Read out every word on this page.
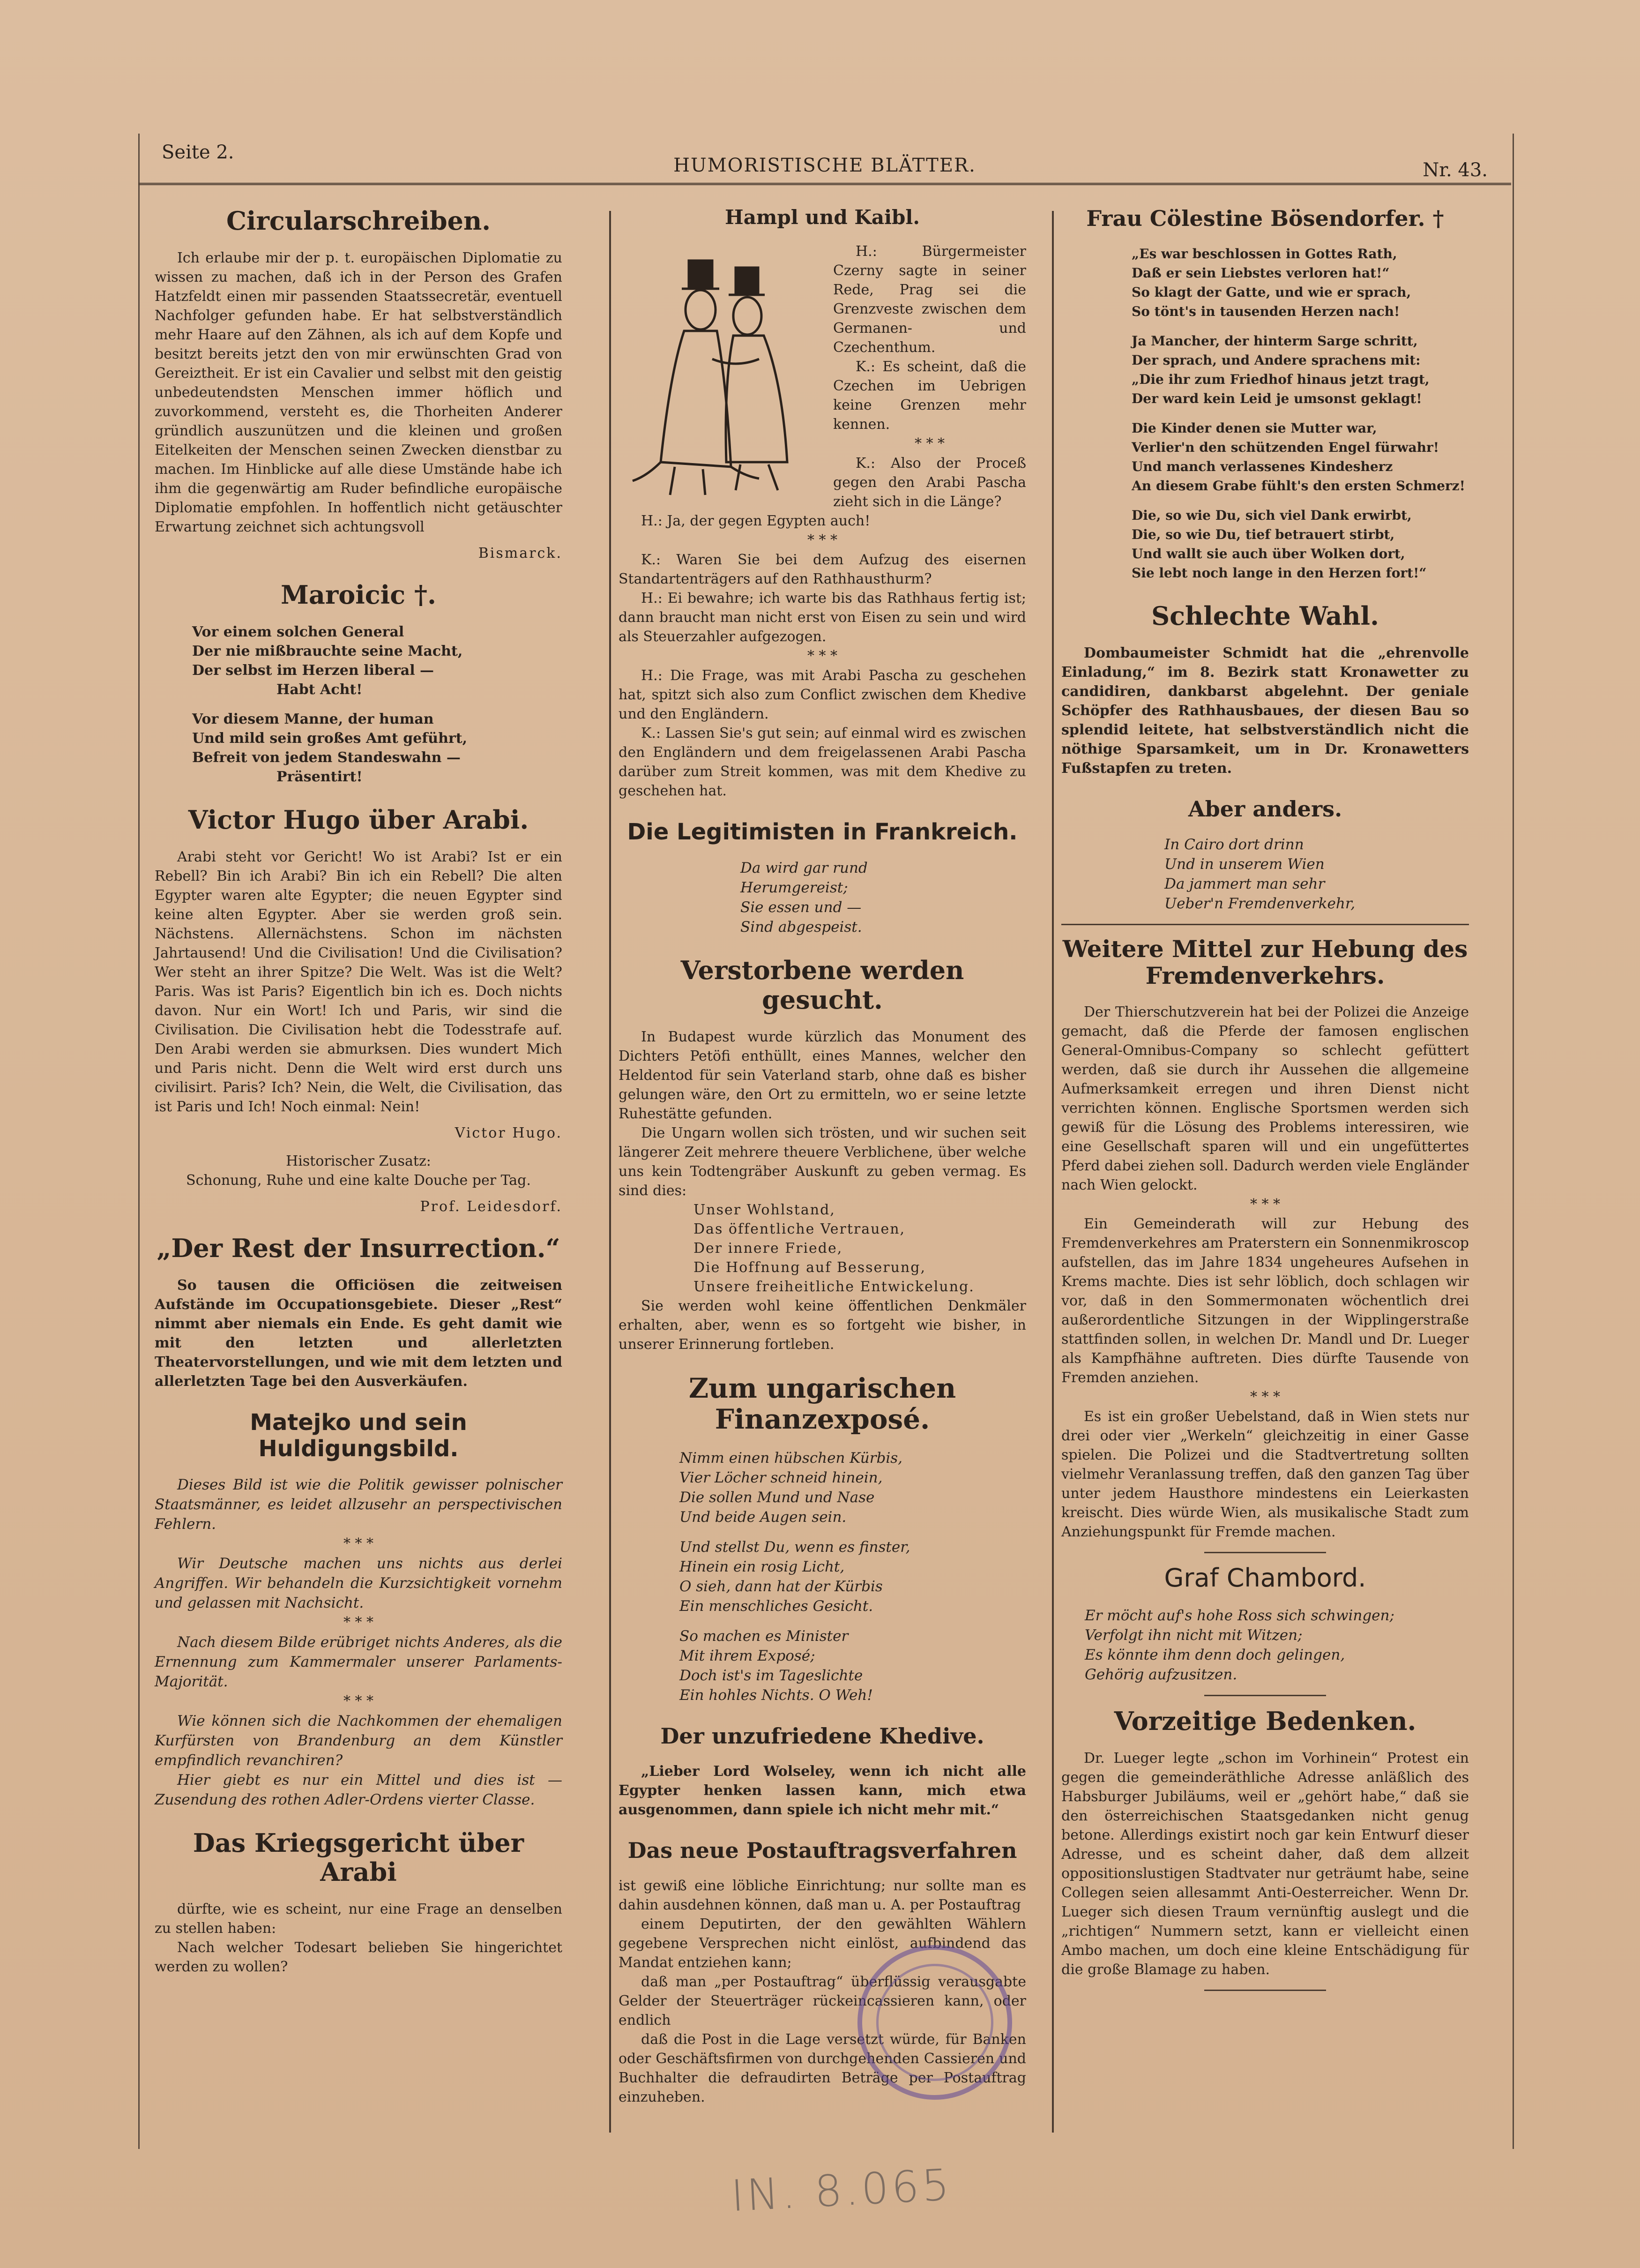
Seite 2.
HUMORISTISCHE BLÄTTER.	Nr. 43.
Circularschreiben.

Ich erlaube mir der p. t. europäischen Diplomatie zu wissen zu machen, daß ich in der Person des Grafen Hatzfeldt einen mir passenden Staatssecretär, eventuell Nachfolger gefunden habe. Er hat selbstverständlich mehr Haare auf den Zähnen, als ich auf dem Kopfe und besitzt bereits jetzt den von mir erwünschten Grad von Gereiztheit. Er ist ein Cavalier und selbst mit den geistig unbedeutendsten Menschen immer höflich und zuvorkommend, versteht es, die Thorheiten Anderer gründlich auszunützen und die kleinen und großen Eitelkeiten der Menschen seinen Zwecken dienstbar zu machen. Im Hinblicke auf alle diese Umstände habe ich ihm die gegenwärtig am Ruder befindliche europäische Diplomatie empfohlen. In hoffentlich nicht getäuschter Erwartung zeichnet sich achtungsvoll

Bismarck.
Maroicic †.
Vor einem solchen General
Der nie mißbrauchte seine Macht,
Der selbst im Herzen liberal —
Habt Acht!
Vor diesem Manne, der human
Und mild sein großes Amt geführt,
Befreit von jedem Standeswahn —
Präsentirt!
Victor Hugo über Arabi.

Arabi steht vor Gericht! Wo ist Arabi? Ist er ein Rebell? Bin ich Arabi? Bin ich ein Rebell? Die alten Egypter waren alte Egypter; die neuen Egypter sind keine alten Egypter. Aber sie werden groß sein. Nächstens. Allernächstens. Schon im nächsten Jahrtausend! Und die Civilisation! Und die Civilisation? Wer steht an ihrer Spitze? Die Welt. Was ist die Welt? Paris. Was ist Paris? Eigentlich bin ich es. Doch nichts davon. Nur ein Wort! Ich und Paris, wir sind die Civilisation. Die Civilisation hebt die Todesstrafe auf. Den Arabi werden sie abmurksen. Dies wundert Mich und Paris nicht. Denn die Welt wird erst durch uns civilisirt. Paris? Ich? Nein, die Welt, die Civilisation, das ist Paris und Ich! Noch einmal: Nein!

Victor Hugo.
Historischer Zusatz:
Schonung, Ruhe und eine kalte Douche per Tag.
Prof. Leidesdorf.
„Der Rest der Insurrection.“

So tausen die Officiösen die zeitweisen Aufstände im Occupationsgebiete. Dieser „Rest“ nimmt aber niemals ein Ende. Es geht damit wie mit den letzten und allerletzten Theatervorstellungen, und wie mit dem letzten und allerletzten Tage bei den Ausverkäufen.

Matejko und sein Huldigungsbild.

Dieses Bild ist wie die Politik gewisser polnischer Staatsmänner, es leidet allzusehr an perspectivischen Fehlern.

* * *

Wir Deutsche machen uns nichts aus derlei Angriffen. Wir behandeln die Kurzsichtigkeit vornehm und gelassen mit Nachsicht.

* * *

Nach diesem Bilde erübriget nichts Anderes, als die Ernennung zum Kammermaler unserer Parlaments-Majorität.

* * *

Wie können sich die Nachkommen der ehemaligen Kurfürsten von Brandenburg an dem Künstler empfindlich revanchiren?

Hier giebt es nur ein Mittel und dies ist — Zusendung des rothen Adler-Ordens vierter Classe.

Das Kriegsgericht über Arabi

dürfte, wie es scheint, nur eine Frage an denselben zu stellen haben:

Nach welcher Todesart belieben Sie hingerichtet werden zu wollen?

Hampl und Kaibl.

H.: Bürgermeister Czerny sagte in seiner Rede, Prag sei die Grenzveste zwischen dem Germanen- und Czechenthum.

K.: Es scheint, daß die Czechen im Uebrigen keine Grenzen mehr kennen.

* * *

K.: Also der Proceß gegen den Arabi Pascha zieht sich in die Länge?

H.: Ja, der gegen Egypten auch!

* * *

K.: Waren Sie bei dem Aufzug des eisernen Standartenträgers auf den Rathhausthurm?

H.: Ei bewahre; ich warte bis das Rathhaus fertig ist; dann braucht man nicht erst von Eisen zu sein und wird als Steuerzahler aufgezogen.

* * *

H.: Die Frage, was mit Arabi Pascha zu geschehen hat, spitzt sich also zum Conflict zwischen dem Khedive und den Engländern.

K.: Lassen Sie's gut sein; auf einmal wird es zwischen den Engländern und dem freigelassenen Arabi Pascha darüber zum Streit kommen, was mit dem Khedive zu geschehen hat.

Die Legitimisten in Frankreich.
Da wird gar rund
Herumgereist;
Sie essen und —
Sind abgespeist.
Verstorbene werden gesucht.

In Budapest wurde kürzlich das Monument des Dichters Petöfi enthüllt, eines Mannes, welcher den Heldentod für sein Vaterland starb, ohne daß es bisher gelungen wäre, den Ort zu ermitteln, wo er seine letzte Ruhestätte gefunden.

Die Ungarn wollen sich trösten, und wir suchen seit längerer Zeit mehrere theuere Verblichene, über welche uns kein Todtengräber Auskunft zu geben vermag. Es sind dies:

Unser Wohlstand,
Das öffentliche Vertrauen,
Der innere Friede,
Die Hoffnung auf Besserung,
Unsere freiheitliche Entwickelung.

Sie werden wohl keine öffentlichen Denkmäler erhalten, aber, wenn es so fortgeht wie bisher, in unserer Erinnerung fortleben.

Zum ungarischen Finanzexposé.
Nimm einen hübschen Kürbis,
Vier Löcher schneid hinein,
Die sollen Mund und Nase
Und beide Augen sein.
Und stellst Du, wenn es finster,
Hinein ein rosig Licht,
O sieh, dann hat der Kürbis
Ein menschliches Gesicht.
So machen es Minister
Mit ihrem Exposé;
Doch ist's im Tageslichte
Ein hohles Nichts. O Weh!
Der unzufriedene Khedive.

„Lieber Lord Wolseley, wenn ich nicht alle Egypter henken lassen kann, mich etwa ausgenommen, dann spiele ich nicht mehr mit.“

Das neue Postauftragsverfahren

ist gewiß eine löbliche Einrichtung; nur sollte man es dahin ausdehnen können, daß man u. A. per Postauftrag

einem Deputirten, der den gewählten Wählern gegebene Versprechen nicht einlöst, aufbindend das Mandat entziehen kann;

daß man „per Postauftrag“ überflüssig verausgabte Gelder der Steuerträger rückeincassieren kann, oder endlich

daß die Post in die Lage versetzt würde, für Banken oder Geschäftsfirmen von durchgehenden Cassieren und Buchhalter die defraudirten Beträge per Postauftrag einzuheben.

Frau Cölestine Bösendorfer. †
„Es war beschlossen in Gottes Rath,
Daß er sein Liebstes verloren hat!“
So klagt der Gatte, und wie er sprach,
So tönt's in tausenden Herzen nach!
Ja Mancher, der hinterm Sarge schritt,
Der sprach, und Andere sprachens mit:
„Die ihr zum Friedhof hinaus jetzt tragt,
Der ward kein Leid je umsonst geklagt!
Die Kinder denen sie Mutter war,
Verlier'n den schützenden Engel fürwahr!
Und manch verlassenes Kindesherz
An diesem Grabe fühlt's den ersten Schmerz!
Die, so wie Du, sich viel Dank erwirbt,
Die, so wie Du, tief betrauert stirbt,
Und wallt sie auch über Wolken dort,
Sie lebt noch lange in den Herzen fort!“
Schlechte Wahl.

Dombaumeister Schmidt hat die „ehrenvolle Einladung,“ im 8. Bezirk statt Kronawetter zu candidiren, dankbarst abgelehnt. Der geniale Schöpfer des Rathhausbaues, der diesen Bau so splendid leitete, hat selbstverständlich nicht die nöthige Sparsamkeit, um in Dr. Kronawetters Fußstapfen zu treten.

Aber anders.
In Cairo dort drinn
Und in unserem Wien
Da jammert man sehr
Ueber'n Fremdenverkehr,
Weitere Mittel zur Hebung des Fremdenverkehrs.

Der Thierschutzverein hat bei der Polizei die Anzeige gemacht, daß die Pferde der famosen englischen General-Omnibus-Company so schlecht gefüttert werden, daß sie durch ihr Aussehen die allgemeine Aufmerksamkeit erregen und ihren Dienst nicht verrichten können. Englische Sportsmen werden sich gewiß für die Lösung des Problems interessiren, wie eine Gesellschaft sparen will und ein ungefüttertes Pferd dabei ziehen soll. Dadurch werden viele Engländer nach Wien gelockt.

* * *

Ein Gemeinderath will zur Hebung des Fremdenverkehres am Praterstern ein Sonnenmikroscop aufstellen, das im Jahre 1834 ungeheures Aufsehen in Krems machte. Dies ist sehr löblich, doch schlagen wir vor, daß in den Sommermonaten wöchentlich drei außerordentliche Sitzungen in der Wipplingerstraße stattfinden sollen, in welchen Dr. Mandl und Dr. Lueger als Kampfhähne auftreten. Dies dürfte Tausende von Fremden anziehen.

* * *

Es ist ein großer Uebelstand, daß in Wien stets nur drei oder vier „Werkeln“ gleichzeitig in einer Gasse spielen. Die Polizei und die Stadtvertretung sollten vielmehr Veranlassung treffen, daß den ganzen Tag über unter jedem Hausthore mindestens ein Leierkasten kreischt. Dies würde Wien, als musikalische Stadt zum Anziehungspunkt für Fremde machen.

Graf Chambord.
Er möcht auf's hohe Ross sich schwingen;
Verfolgt ihn nicht mit Witzen;
Es könnte ihm denn doch gelingen,
Gehörig aufzusitzen.
Vorzeitige Bedenken.

Dr. Lueger legte „schon im Vorhinein“ Protest ein gegen die gemeinderäthliche Adresse anläßlich des Habsburger Jubiläums, weil er „gehört habe,“ daß sie den österreichischen Staatsgedanken nicht genug betone. Allerdings existirt noch gar kein Entwurf dieser Adresse, und es scheint daher, daß dem allzeit oppositionslustigen Stadtvater nur geträumt habe, seine Collegen seien allesammt Anti-Oesterreicher. Wenn Dr. Lueger sich diesen Traum vernünftig auslegt und die „richtigen“ Nummern setzt, kann er vielleicht einen Ambo machen, um doch eine kleine Entschädigung für die große Blamage zu haben.

IN. 8.065
